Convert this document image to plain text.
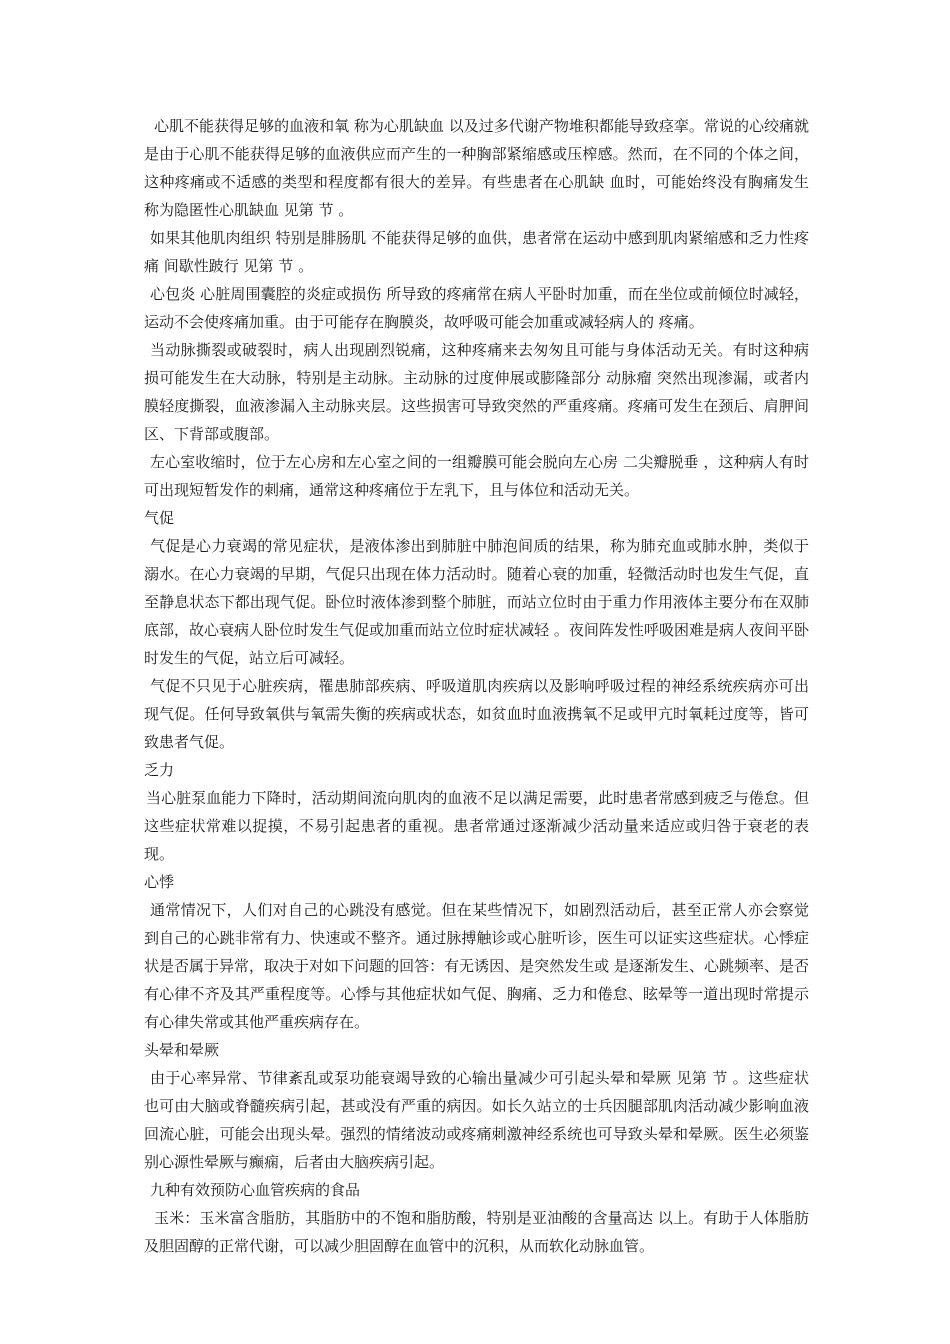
心肌不能获得足够的血液和氧 称为心肌缺血 以及过多代谢产物堆积都能导致痉挛。常说的心绞痛就是由于心肌不能获得足够的血液供应而产生的一种胸部紧缩感或压榨感。然而，在不同的个体之间，这种疼痛或不适感的类型和程度都有很大的差异。有些患者在心肌缺 血时，可能始终没有胸痛发生 称为隐匿性心肌缺血 见第 节 。

如果其他肌肉组织 特别是腓肠肌 不能获得足够的血供，患者常在运动中感到肌肉紧缩感和乏力性疼痛 间歇性跛行 见第 节 。

心包炎 心脏周围囊腔的炎症或损伤 所导致的疼痛常在病人平卧时加重，而在坐位或前倾位时减轻，运动不会使疼痛加重。由于可能存在胸膜炎，故呼吸可能会加重或减轻病人的 疼痛。

当动脉撕裂或破裂时，病人出现剧烈锐痛，这种疼痛来去匆匆且可能与身体活动无关。有时这种病损可能发生在大动脉，特别是主动脉。主动脉的过度伸展或膨隆部分 动脉瘤 突然出现渗漏，或者内膜轻度撕裂，血液渗漏入主动脉夹层。这些损害可导致突然的严重疼痛。疼痛可发生在颈后、肩胛间区、下背部或腹部。

左心室收缩时，位于左心房和左心室之间的一组瓣膜可能会脱向左心房 二尖瓣脱垂 ，这种病人有时可出现短暂发作的刺痛，通常这种疼痛位于左乳下，且与体位和活动无关。

气促

气促是心力衰竭的常见症状，是液体渗出到肺脏中肺泡间质的结果，称为肺充血或肺水肿，类似于溺水。在心力衰竭的早期，气促只出现在体力活动时。随着心衰的加重，轻微活动时也发生气促，直至静息状态下都出现气促。卧位时液体渗到整个肺脏，而站立位时由于重力作用液体主要分布在双肺底部，故心衰病人卧位时发生气促或加重而站立位时症状减轻 。夜间阵发性呼吸困难是病人夜间平卧时发生的气促，站立后可减轻。

气促不只见于心脏疾病，罹患肺部疾病、呼吸道肌肉疾病以及影响呼吸过程的神经系统疾病亦可出现气促。任何导致氧供与氧需失衡的疾病或状态，如贫血时血液携氧不足或甲亢时氧耗过度等，皆可致患者气促。

乏力

当心脏泵血能力下降时，活动期间流向肌肉的血液不足以满足需要，此时患者常感到疲乏与倦怠。但这些症状常难以捉摸，不易引起患者的重视。患者常通过逐渐减少活动量来适应或归咎于衰老的表现。

心悸

通常情况下，人们对自己的心跳没有感觉。但在某些情况下，如剧烈活动后，甚至正常人亦会察觉到自己的心跳非常有力、快速或不整齐。通过脉搏触诊或心脏听诊，医生可以证实这些症状。心悸症状是否属于异常，取决于对如下问题的回答：有无诱因、是突然发生或 是逐渐发生、心跳频率、是否有心律不齐及其严重程度等。心悸与其他症状如气促、胸痛、乏力和倦怠、眩晕等一道出现时常提示有心律失常或其他严重疾病存在。

头晕和晕厥

由于心率异常、节律紊乱或泵功能衰竭导致的心输出量减少可引起头晕和晕厥 见第 节 。这些症状也可由大脑或脊髓疾病引起，甚或没有严重的病因。如长久站立的士兵因腿部肌肉活动减少影响血液回流心脏，可能会出现头晕。强烈的情绪波动或疼痛刺激神经系统也可导致头晕和晕厥。医生必须鉴别心源性晕厥与癫痫，后者由大脑疾病引起。

九种有效预防心血管疾病的食品

玉米：玉米富含脂肪，其脂肪中的不饱和脂肪酸，特别是亚油酸的含量高达 以上。有助于人体脂肪及胆固醇的正常代谢，可以减少胆固醇在血管中的沉积，从而软化动脉血管。
